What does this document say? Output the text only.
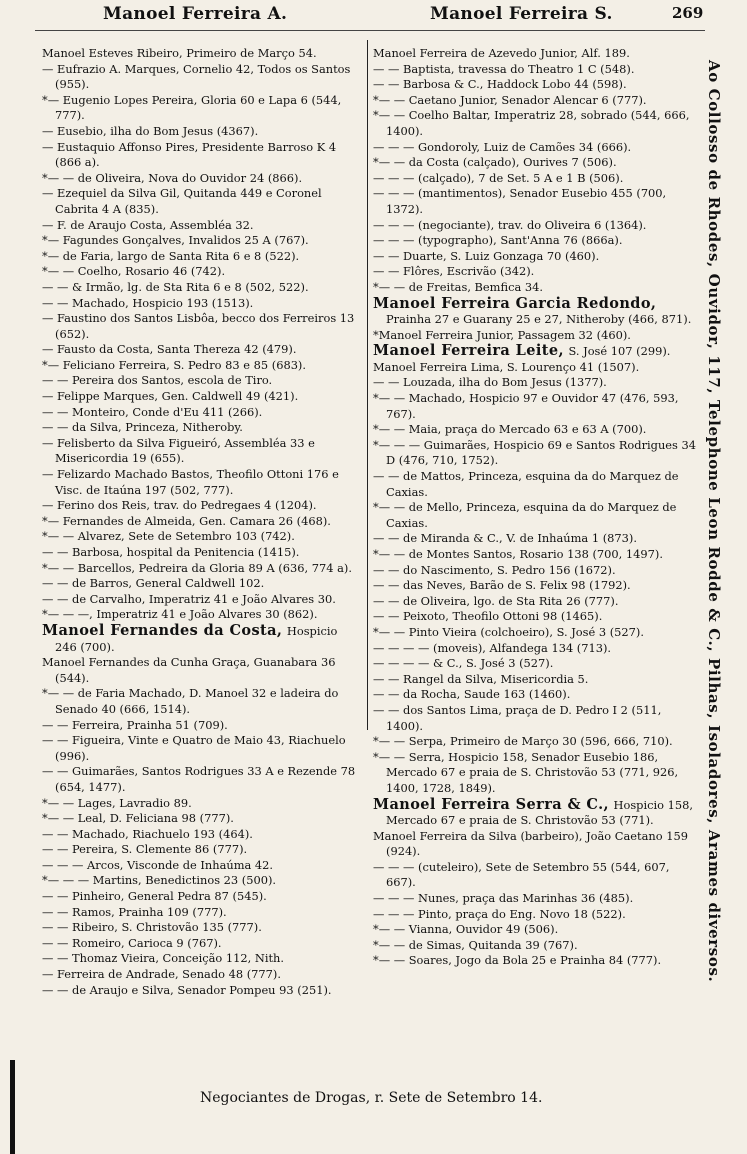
Manoel Ferreira A.	Manoel Ferreira S.	269

Manoel Esteves Ribeiro, Primeiro de Março 54.

— Eufrazio A. Marques, Cornelio 42, Todos os Santos (955).

*— Eugenio Lopes Pereira, Gloria 60 e Lapa 6 (544, 777).

— Eusebio, ilha do Bom Jesus (4367).

— Eustaquio Affonso Pires, Presidente Barroso K 4 (866 a).

*— — de Oliveira, Nova do Ouvidor 24 (866).

— Ezequiel da Silva Gil, Quitanda 449 e Coronel Cabrita 4 A (835).

— F. de Araujo Costa, Assembléa 32.

*— Fagundes Gonçalves, Invalidos 25 A (767).

*— de Faria, largo de Santa Rita 6 e 8 (522).

*— — Coelho, Rosario 46 (742).

— — & Irmão, lg. de Sta Rita 6 e 8 (502, 522).

— — Machado, Hospicio 193 (1513).

— Faustino dos Santos Lisbôa, becco dos Ferreiros 13 (652).

— Fausto da Costa, Santa Thereza 42 (479).

*— Feliciano Ferreira, S. Pedro 83 e 85 (683).

— — Pereira dos Santos, escola de Tiro.

— Felippe Marques, Gen. Caldwell 49 (421).

— — Monteiro, Conde d'Eu 411 (266).

— — da Silva, Princeza, Nitheroby.

— Felisberto da Silva Figueiró, Assembléa 33 e Misericordia 19 (655).

— Felizardo Machado Bastos, Theofilo Ottoni 176 e Visc. de Itaúna 197 (502, 777).

— Ferino dos Reis, trav. do Pedregaes 4 (1204).

*— Fernandes de Almeida, Gen. Camara 26 (468).

*— — Alvarez, Sete de Setembro 103 (742).

— — Barbosa, hospital da Penitencia (1415).

*— — Barcellos, Pedreira da Gloria 89 A (636, 774 a).

— — de Barros, General Caldwell 102.

— — de Carvalho, Imperatriz 41 e João Alvares 30.

*— — —, Imperatriz 41 e João Alvares 30 (862).

Manoel Fernandes da Costa, Hospicio 246 (700).

Manoel Fernandes da Cunha Graça, Guanabara 36 (544).

*— — de Faria Machado, D. Manoel 32 e ladeira do Senado 40 (666, 1514).

— — Ferreira, Prainha 51 (709).

— — Figueira, Vinte e Quatro de Maio 43, Riachuelo (996).

— — Guimarães, Santos Rodrigues 33 A e Rezende 78 (654, 1477).

*— — Lages, Lavradio 89.

*— — Leal, D. Feliciana 98 (777).

— — Machado, Riachuelo 193 (464).

— — Pereira, S. Clemente 86 (777).

— — — Arcos, Visconde de Inhaúma 42.

*— — — Martins, Benedictinos 23 (500).

— — Pinheiro, General Pedra 87 (545).

— — Ramos, Prainha 109 (777).

— — Ribeiro, S. Christovão 135 (777).

— — Romeiro, Carioca 9 (767).

— — Thomaz Vieira, Conceição 112, Nith.

— Ferreira de Andrade, Senado 48 (777).

— — de Araujo e Silva, Senador Pompeu 93 (251).

Manoel Ferreira de Azevedo Junior, Alf. 189.

— — Baptista, travessa do Theatro 1 C (548).

— — Barbosa & C., Haddock Lobo 44 (598).

*— — Caetano Junior, Senador Alencar 6 (777).

*— — Coelho Baltar, Imperatriz 28, sobrado (544, 666, 1400).

— — — Gondoroly, Luiz de Camões 34 (666).

*— — da Costa (calçado), Ourives 7 (506).

— — — (calçado), 7 de Set. 5 A e 1 B (506).

— — — (mantimentos), Senador Eusebio 455 (700, 1372).

— — — (negociante), trav. do Oliveira 6 (1364).

— — — (typographo), Sant'Anna 76 (866a).

— — Duarte, S. Luiz Gonzaga 70 (460).

— — Flôres, Escrivão (342).

*— — de Freitas, Bemfica 34.

Manoel Ferreira Garcia Redondo, Prainha 27 e Guarany 25 e 27, Nitheroby (466, 871).

*Manoel Ferreira Junior, Passagem 32 (460).

Manoel Ferreira Leite, S. José 107 (299).

Manoel Ferreira Lima, S. Lourenço 41 (1507).

— — Louzada, ilha do Bom Jesus (1377).

*— — Machado, Hospicio 97 e Ouvidor 47 (476, 593, 767).

*— — Maia, praça do Mercado 63 e 63 A (700).

*— — — Guimarães, Hospicio 69 e Santos Rodrigues 34 D (476, 710, 1752).

— — de Mattos, Princeza, esquina da do Marquez de Caxias.

*— — de Mello, Princeza, esquina da do Marquez de Caxias.

— — de Miranda & C., V. de Inhaúma 1 (873).

*— — de Montes Santos, Rosario 138 (700, 1497).

— — do Nascimento, S. Pedro 156 (1672).

— — das Neves, Barão de S. Felix 98 (1792).

— — de Oliveira, lgo. de Sta Rita 26 (777).

— — Peixoto, Theofilo Ottoni 98 (1465).

*— — Pinto Vieira (colchoeiro), S. José 3 (527).

— — — — (moveis), Alfandega 134 (713).

— — — — & C., S. José 3 (527).

— — Rangel da Silva, Misericordia 5.

— — da Rocha, Saude 163 (1460).

— — dos Santos Lima, praça de D. Pedro I 2 (511, 1400).

*— — Serpa, Primeiro de Março 30 (596, 666, 710).

*— — Serra, Hospicio 158, Senador Eusebio 186, Mercado 67 e praia de S. Christovão 53 (771, 926, 1400, 1728, 1849).

Manoel Ferreira Serra & C., Hospicio 158, Mercado 67 e praia de S. Christovão 53 (771).

Manoel Ferreira da Silva (barbeiro), João Caetano 159 (924).

— — — (cuteleiro), Sete de Setembro 55 (544, 607, 667).

— — — Nunes, praça das Marinhas 36 (485).

— — — Pinto, praça do Eng. Novo 18 (522).

*— — Vianna, Ouvidor 49 (506).

*— — de Simas, Quitanda 39 (767).

*— — Soares, Jogo da Bola 25 e Prainha 84 (777).	Ao Collosso de Rhodes, Ouvidor, 117, Telephone Leon Rodde & C., Pilhas, Isoladores, Arames diversos.
Negociantes de Drogas, r. Sete de Setembro 14.
